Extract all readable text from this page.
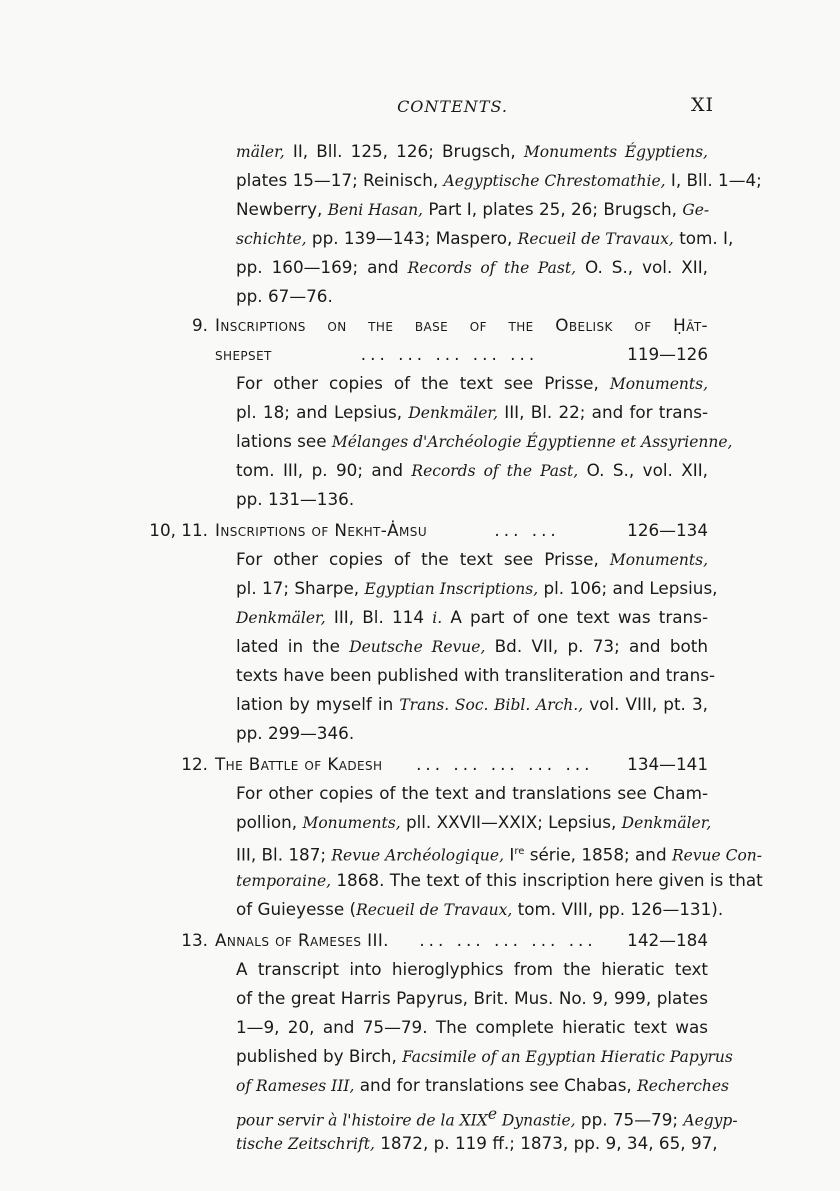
CONTENTS.	XI
mäler, II, Bll. 125, 126; Brugsch, Monuments Égyptiens,
plates 15—17; Reinisch, Aegyptische Chrestomathie, I, Bll. 1—4;
Newberry, Beni Hasan, Part I, plates 25, 26; Brugsch, Ge-
schichte, pp. 139—143; Maspero, Recueil de Travaux, tom. I,
pp. 160—169; and Records of the Past, O. S., vol. XII,
pp. 67—76.
9. Inscriptions on the base of the Obelisk of Ḥāt-
shepset	... ... ... ... ...	119—126
For other copies of the text see Prisse, Monuments,
pl. 18; and Lepsius, Denkmäler, III, Bl. 22; and for trans-
lations see Mélanges d'Archéologie Égyptienne et Assyrienne,
tom. III, p. 90; and Records of the Past, O. S., vol. XII,
pp. 131—136.
10, 11. Inscriptions of Nekht-Ȧmsu	... ...	126—134
For other copies of the text see Prisse, Monuments,
pl. 17; Sharpe, Egyptian Inscriptions, pl. 106; and Lepsius,
Denkmäler, III, Bl. 114 i. A part of one text was trans-
lated in the Deutsche Revue, Bd. VII, p. 73; and both
texts have been published with transliteration and trans-
lation by myself in Trans. Soc. Bibl. Arch., vol. VIII, pt. 3,
pp. 299—346.
12. The Battle of Kadesh	... ... ... ... ...	134—141
For other copies of the text and translations see Cham-
pollion, Monuments, pll. XXVII—XXIX; Lepsius, Denkmäler,
III, Bl. 187; Revue Archéologique, Ire série, 1858; and Revue Con-
temporaine, 1868. The text of this inscription here given is that
of Guieyesse (Recueil de Travaux, tom. VIII, pp. 126—131).
13. Annals of Rameses III.	... ... ... ... ...	142—184
A transcript into hieroglyphics from the hieratic text
of the great Harris Papyrus, Brit. Mus. No. 9, 999, plates
1—9, 20, and 75—79. The complete hieratic text was
published by Birch, Facsimile of an Egyptian Hieratic Papyrus
of Rameses III, and for translations see Chabas, Recherches
pour servir à l'histoire de la XIXe Dynastie, pp. 75—79; Aegyp-
tische Zeitschrift, 1872, p. 119 ff.; 1873, pp. 9, 34, 65, 97,
